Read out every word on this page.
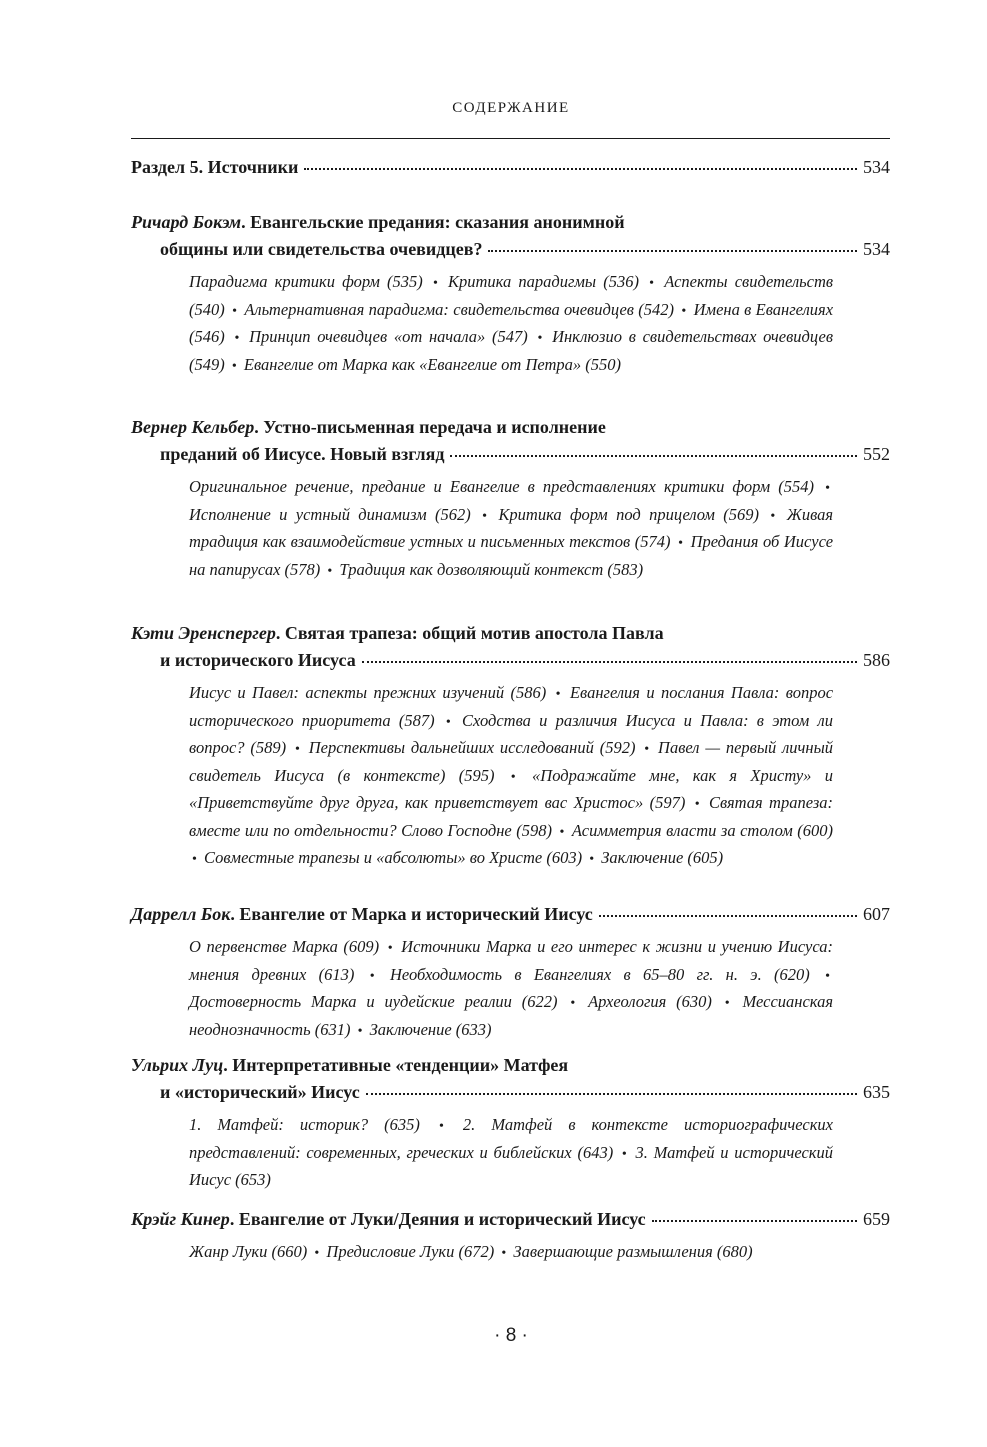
СОДЕРЖАНИЕ
Раздел 5. Источники	534
Ричард Бокэм . Евангельские предания: сказания анонимной
общины или свидетельства очевидцев?	534
Парадигма критики форм (535) • Критика парадигмы (536) • Аспекты свидетельств (540) • Альтернативная парадигма: свидетельства очевидцев (542) • Имена в Евангелиях (546) • Принцип очевидцев «от начала» (547) • Инклюзио в свидетельствах очевидцев (549) • Евангелие от Марка как «Евангелие от Петра» (550)
Вернер Кельбер . Устно-письменная передача и исполнение
преданий об Иисусе. Новый взгляд	552
Оригинальное речение, предание и Евангелие в представлениях критики форм (554) • Исполнение и устный динамизм (562) • Критика форм под прицелом (569) • Живая традиция как взаимодействие устных и письменных текстов (574) • Предания об Иисусе на папирусах (578) • Традиция как дозволяющий контекст (583)
Кэти Эренспергер . Святая трапеза: общий мотив апостола Павла
и исторического Иисуса	586
Иисус и Павел: аспекты прежних изучений (586) • Евангелия и послания Павла: вопрос исторического приоритета (587) • Сходства и различия Иисуса и Павла: в этом ли вопрос? (589) • Перспективы дальнейших исследований (592) • Павел — первый личный свидетель Иисуса (в контексте) (595) • «Подражайте мне, как я Христу» и «Приветствуйте друг друга, как приветствует вас Христос» (597) • Святая трапеза: вместе или по отдельности? Слово Господне (598) • Асимметрия власти за столом (600) • Совместные трапезы и «абсолюты» во Христе (603) • Заключение (605)
Даррелл Бок . Евангелие от Марка и исторический Иисус	607
О первенстве Марка (609) • Источники Марка и его интерес к жизни и учению Иисуса: мнения древних (613) • Необходимость в Евангелиях в 65–80 гг. н. э. (620) • Достоверность Марка и иудейские реалии (622) • Археология (630) • Мессианская неоднозначность (631) • Заключение (633)
Ульрих Луц . Интерпретативные «тенденции» Матфея
и «исторический» Иисус	635
1. Матфей: историк? (635) • 2. Матфей в контексте историографических представлений: современных, греческих и библейских (643) • 3. Матфей и исторический Иисус (653)
Крэйг Кинер . Евангелие от Луки/Деяния и исторический Иисус	659
Жанр Луки (660) • Предисловие Луки (672) • Завершающие размышления (680)
· 8 ·
